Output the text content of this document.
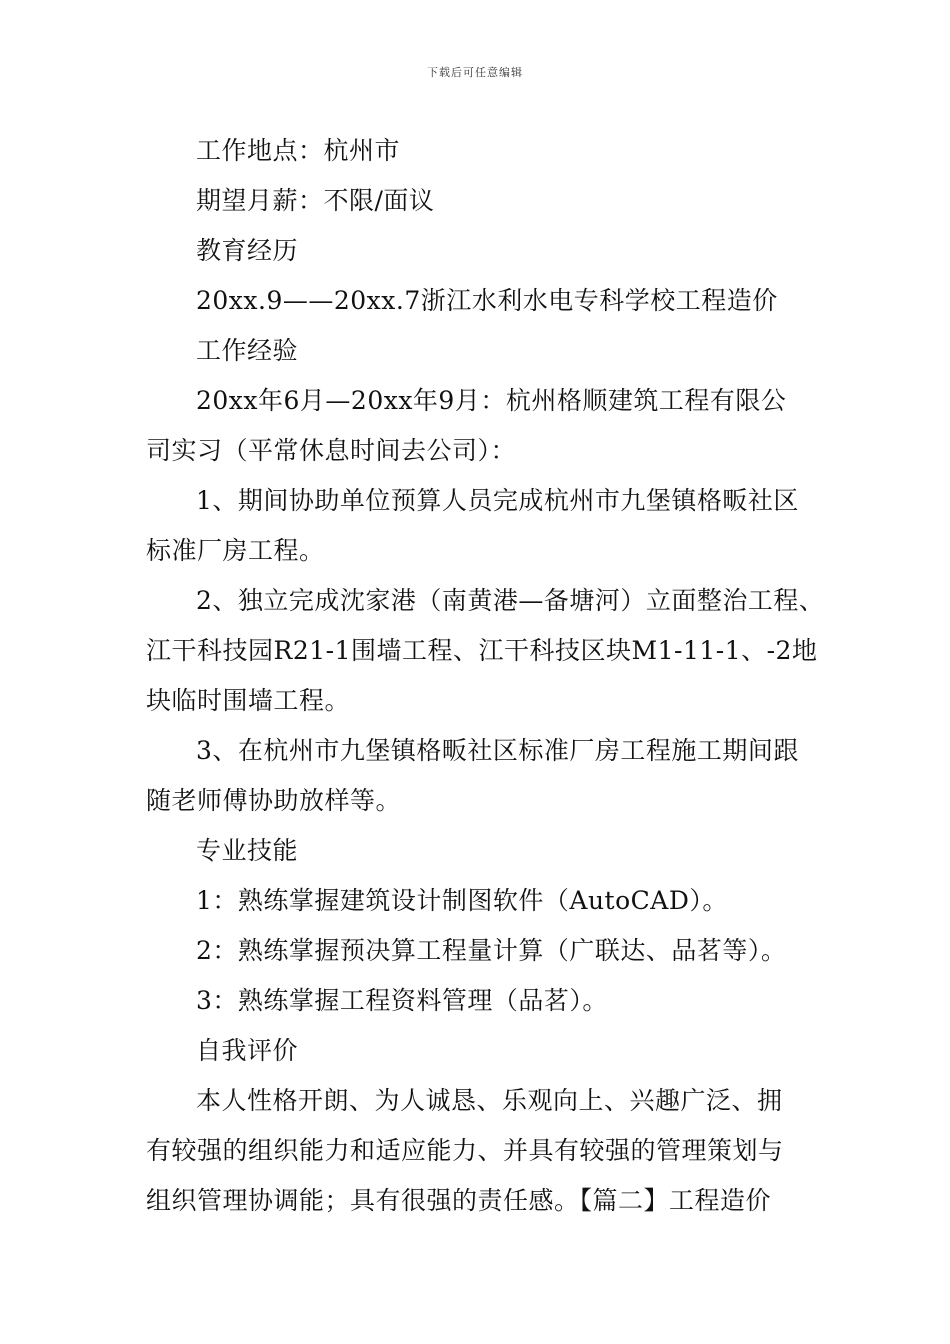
下载后可任意编辑
工作地点：杭州市
期望月薪：不限/面议
教育经历
20xx.9——20xx.7浙江水利水电专科学校工程造价
工作经验
20xx年6月—20xx年9月：杭州格顺建筑工程有限公
司实习（平常休息时间去公司）：
1、期间协助单位预算人员完成杭州市九堡镇格畈社区
标准厂房工程。
2、独立完成沈家港（南黄港—备塘河）立面整治工程、
江干科技园R21-1围墙工程、江干科技区块M1-11-1、-2地
块临时围墙工程。
3、在杭州市九堡镇格畈社区标准厂房工程施工期间跟
随老师傅协助放样等。
专业技能
1：熟练掌握建筑设计制图软件（AutoCAD）。
2：熟练掌握预决算工程量计算（广联达、品茗等）。
3：熟练掌握工程资料管理（品茗）。
自我评价
本人性格开朗、为人诚恳、乐观向上、兴趣广泛、拥
有较强的组织能力和适应能力、并具有较强的管理策划与
组织管理协调能；具有很强的责任感。【篇二】工程造价
